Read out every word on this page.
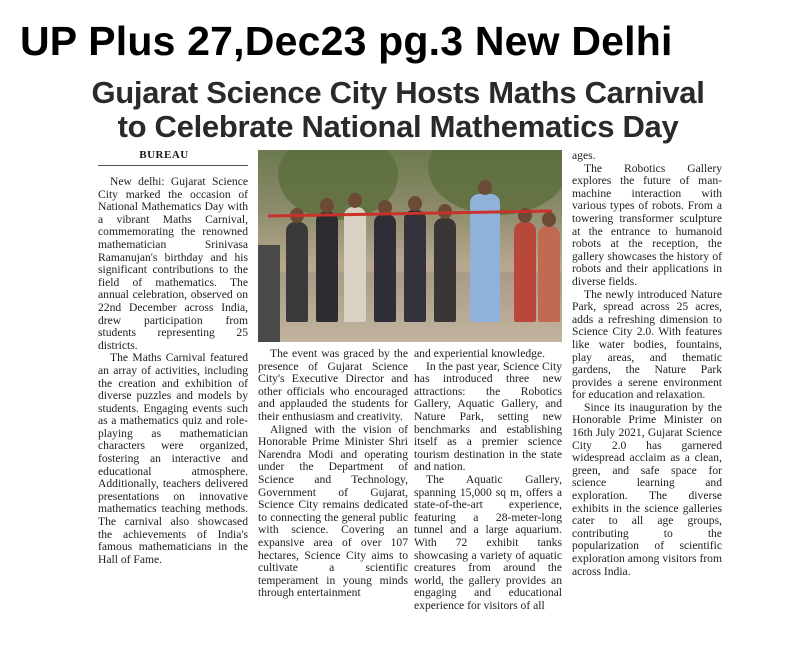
UP Plus 27,Dec23 pg.3 New Delhi
Gujarat Science City Hosts Maths Carnival
to Celebrate National Mathematics Day
BUREAU

New delhi: Gujarat Science City marked the occasion of National Mathematics Day with a vibrant Maths Carnival, commemorating the renowned mathematician Srinivasa Ramanujan's birthday and his significant contributions to the field of mathematics. The annual celebration, observed on 22nd December across India, drew participation from students representing 25 districts.

The Maths Carnival featured an array of activities, including the creation and exhibition of diverse puzzles and models by students. Engaging events such as a mathematics quiz and role-playing as mathematician characters were organized, fostering an interactive and educational atmosphere. Additionally, teachers delivered presentations on innovative mathematics teaching methods. The carnival also showcased the achievements of India's famous mathematicians in the Hall of Fame.

The event was graced by the presence of Gujarat Science City's Executive Director and other officials who encouraged and applauded the students for their enthusiasm and creativity.

Aligned with the vision of Honorable Prime Minister Shri Narendra Modi and operating under the Department of Science and Technology, Government of Gujarat, Science City remains dedicated to connecting the general public with science. Covering an expansive area of over 107 hectares, Science City aims to cultivate a scientific temperament in young minds through entertainment

and experiential knowledge.

In the past year, Science City has introduced three new attractions: the Robotics Gallery, Aquatic Gallery, and Nature Park, setting new benchmarks and establishing itself as a premier science tourism destination in the state and nation.

The Aquatic Gallery, spanning 15,000 sq m, offers a state-of-the-art experience, featuring a 28-meter-long tunnel and a large aquarium. With 72 exhibit tanks showcasing a variety of aquatic creatures from around the world, the gallery provides an engaging and educational experience for visitors of all

ages.

The Robotics Gallery explores the future of man-machine interaction with various types of robots. From a towering transformer sculpture at the entrance to humanoid robots at the reception, the gallery showcases the history of robots and their applications in diverse fields.

The newly introduced Nature Park, spread across 25 acres, adds a refreshing dimension to Science City 2.0. With features like water bodies, fountains, play areas, and thematic gardens, the Nature Park provides a serene environment for education and relaxation.

Since its inauguration by the Honorable Prime Minister on 16th July 2021, Gujarat Science City 2.0 has garnered widespread acclaim as a clean, green, and safe space for science learning and exploration. The diverse exhibits in the science galleries cater to all age groups, contributing to the popularization of scientific exploration among visitors from across India.
